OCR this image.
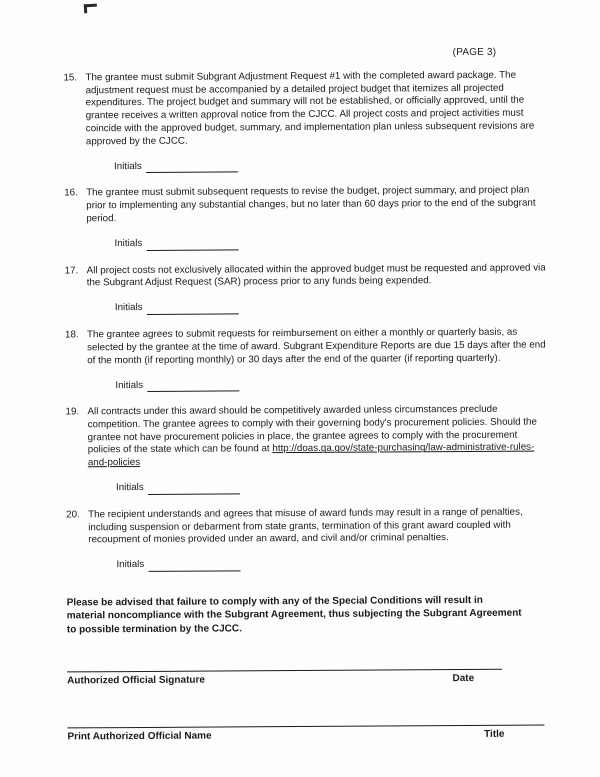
(PAGE 3)
15. The grantee must submit Subgrant Adjustment Request #1 with the completed award package. The adjustment request must be accompanied by a detailed project budget that itemizes all projected expenditures. The project budget and summary will not be established, or officially approved, until the grantee receives a written approval notice from the CJCC. All project costs and project activities must coincide with the approved budget, summary, and implementation plan unless subsequent revisions are approved by the CJCC.
Initials
16. The grantee must submit subsequent requests to revise the budget, project summary, and project plan prior to implementing any substantial changes, but no later than 60 days prior to the end of the subgrant period.
Initials
17. All project costs not exclusively allocated within the approved budget must be requested and approved via the Subgrant Adjust Request (SAR) process prior to any funds being expended.
Initials
18. The grantee agrees to submit requests for reimbursement on either a monthly or quarterly basis, as selected by the grantee at the time of award. Subgrant Expenditure Reports are due 15 days after the end of the month (if reporting monthly) or 30 days after the end of the quarter (if reporting quarterly).
Initials
19. All contracts under this award should be competitively awarded unless circumstances preclude competition. The grantee agrees to comply with their governing body's procurement policies. Should the grantee not have procurement policies in place, the grantee agrees to comply with the procurement policies of the state which can be found at http://doas.ga.gov/state-purchasing/law-administrative-rules-and-policies
Initials
20. The recipient understands and agrees that misuse of award funds may result in a range of penalties, including suspension or debarment from state grants, termination of this grant award coupled with recoupment of monies provided under an award, and civil and/or criminal penalties.
Initials
Please be advised that failure to comply with any of the Special Conditions will result in material noncompliance with the Subgrant Agreement, thus subjecting the Subgrant Agreement to possible termination by the CJCC.
Authorized Official Signature	Date
Print Authorized Official Name	Title
